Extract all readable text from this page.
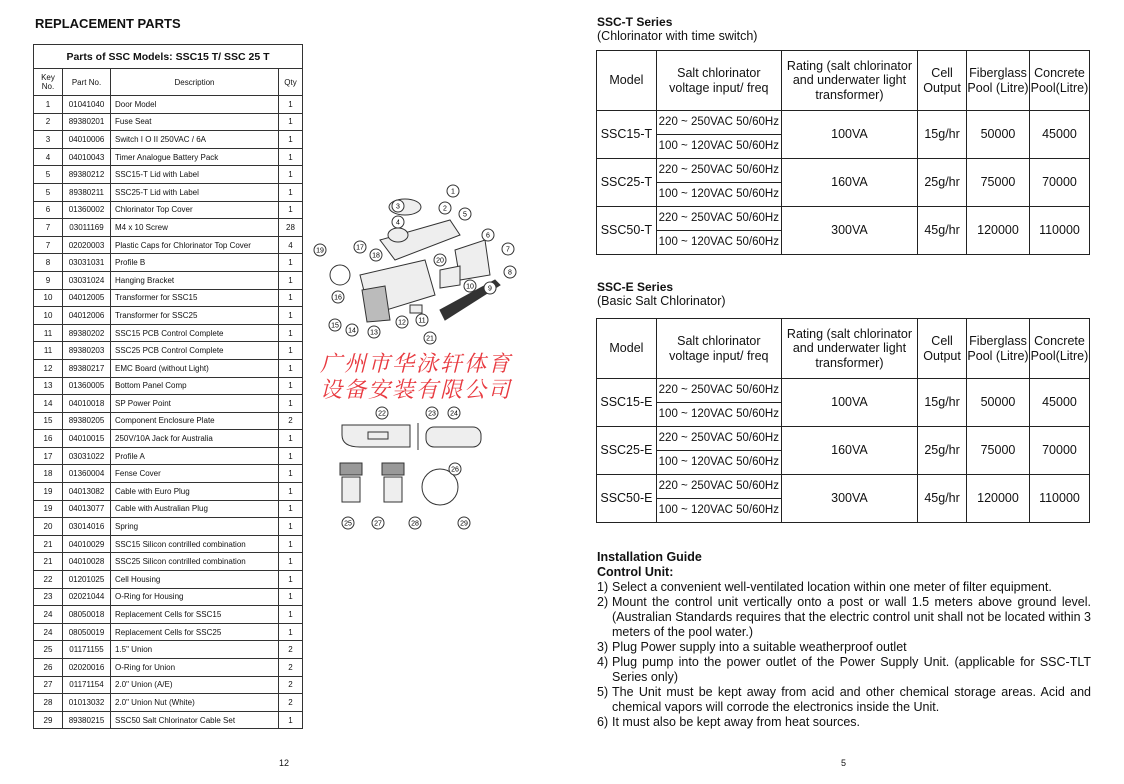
REPLACEMENT PARTS
Parts of SSC Models: SSC15 T/ SSC 25 T			
Key No.	Part No.	Description	Qty
1	01041040	Door Model	1
2	89380201	Fuse Seat	1
3	04010006	Switch I O II 250VAC / 6A	1
4	04010043	Timer Analogue Battery Pack	1
5	89380212	SSC15-T Lid with Label	1
5	89380211	SSC25-T Lid with Label	1
6	01360002	Chlorinator Top Cover	1
7	03011169	M4 x 10 Screw	28
7	02020003	Plastic Caps for Chlorinator Top Cover	4
8	03031031	Profile B	1
9	03031024	Hanging Bracket	1
10	04012005	Transformer for SSC15	1
10	04012006	Transformer for SSC25	1
11	89380202	SSC15 PCB Control Complete	1
11	89380203	SSC25 PCB Control Complete	1
12	89380217	EMC Board (without Light)	1
13	01360005	Bottom Panel Comp	1
14	04010018	SP Power Point	1
15	89380205	Component Enclosure Plate	2
16	04010015	250V/10A Jack for Australia	1
17	03031022	Profile A	1
18	01360004	Fense Cover	1
19	04013082	Cable with Euro Plug	1
19	04013077	Cable with Australian Plug	1
20	03014016	Spring	1
21	04010029	SSC15 Silicon contrilled combination	1
21	04010028	SSC25 Silicon contrilled combination	1
22	01201025	Cell Housing	1
23	02021044	O-Ring for Housing	1
24	08050018	Replacement Cells for SSC15	1
24	08050019	Replacement Cells for SSC25	1
25	01171155	1.5" Union	2
26	02020016	O-Ring for Union	2
27	01171154	2.0" Union (A/E)	2
28	01013032	2.0" Union Nut (White)	2
29	89380215	SSC50 Salt Chlorinator Cable Set	1
1
2
3
4
5
6
7
8
9
10
11
12
13
14
15
16
17
18
19
20
21
22	23 24
25
26
27	28	29
12
SSC-T Series
(Chlorinator with time switch)
Model	Salt chlorinator voltage input/ freq	Rating (salt chlorinator and underwater light transformer)	Cell Output	Fiberglass Pool (Litre)	Concrete Pool(Litre)
SSC15-T	220 ~ 250VAC 50/60Hz	100VA	15g/hr	50000	45000
	100 ~ 120VAC 50/60Hz				
SSC25-T	220 ~ 250VAC 50/60Hz	160VA	25g/hr	75000	70000
	100 ~ 120VAC 50/60Hz				
SSC50-T	220 ~ 250VAC 50/60Hz	300VA	45g/hr	120000	110000
	100 ~ 120VAC 50/60Hz				
SSC-E Series
(Basic Salt Chlorinator)
Model	Salt chlorinator voltage input/ freq	Rating (salt chlorinator and underwater light transformer)	Cell Output	Fiberglass Pool (Litre)	Concrete Pool(Litre)
SSC15-E	220 ~ 250VAC 50/60Hz	100VA	15g/hr	50000	45000
	100 ~ 120VAC 50/60Hz				
SSC25-E	220 ~ 250VAC 50/60Hz	160VA	25g/hr	75000	70000
	100 ~ 120VAC 50/60Hz				
SSC50-E	220 ~ 250VAC 50/60Hz	300VA	45g/hr	120000	110000
	100 ~ 120VAC 50/60Hz				
Installation Guide
Control Unit:
1) Select a convenient well-ventilated location within one meter of filter equipment.
2) Mount the control unit vertically onto a post or wall 1.5 meters above ground level.(Australian Standards requires that the electric control unit shall not be located within 3 meters of the pool water.)
3) Plug Power supply into a suitable weatherproof outlet
4) Plug pump into the power outlet of the Power Supply Unit. (applicable for SSC-TLT Series only)
5) The Unit must be kept away from acid and other chemical storage areas. Acid and chemical vapors will corrode the electronics inside the Unit.
6) It must also be kept away from heat sources.
5
广州市华泳轩体育设备安装有限公司
